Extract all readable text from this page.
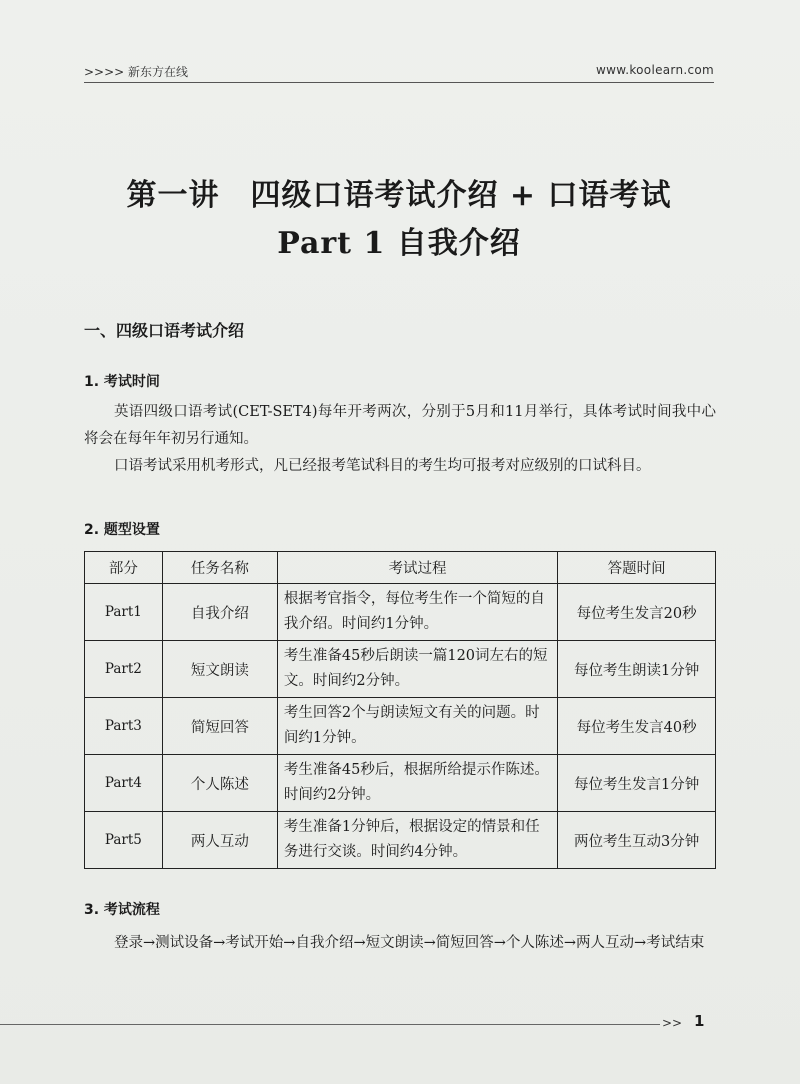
>>>> 新东方在线	www.koolearn.com
第一讲　四级口语考试介绍 + 口语考试
Part 1 自我介绍
一、四级口语考试介绍
1. 考试时间
英语四级口语考试(CET-SET4)每年开考两次，分别于5月和11月举行，具体考试时间我中心将会在每年年初另行通知。
口语考试采用机考形式，凡已经报考笔试科目的考生均可报考对应级别的口试科目。
2. 题型设置
部分	任务名称	考试过程	答题时间
Part1	自我介绍	根据考官指令，每位考生作一个简短的自我介绍。时间约1分钟。	每位考生发言20秒
Part2	短文朗读	考生准备45秒后朗读一篇120词左右的短文。时间约2分钟。	每位考生朗读1分钟
Part3	简短回答	考生回答2个与朗读短文有关的问题。时间约1分钟。	每位考生发言40秒
Part4	个人陈述	考生准备45秒后，根据所给提示作陈述。时间约2分钟。	每位考生发言1分钟
Part5	两人互动	考生准备1分钟后，根据设定的情景和任务进行交谈。时间约4分钟。	两位考生互动3分钟
3. 考试流程
登录→测试设备→考试开始→自我介绍→短文朗读→简短回答→个人陈述→两人互动→考试结束
>> 1
